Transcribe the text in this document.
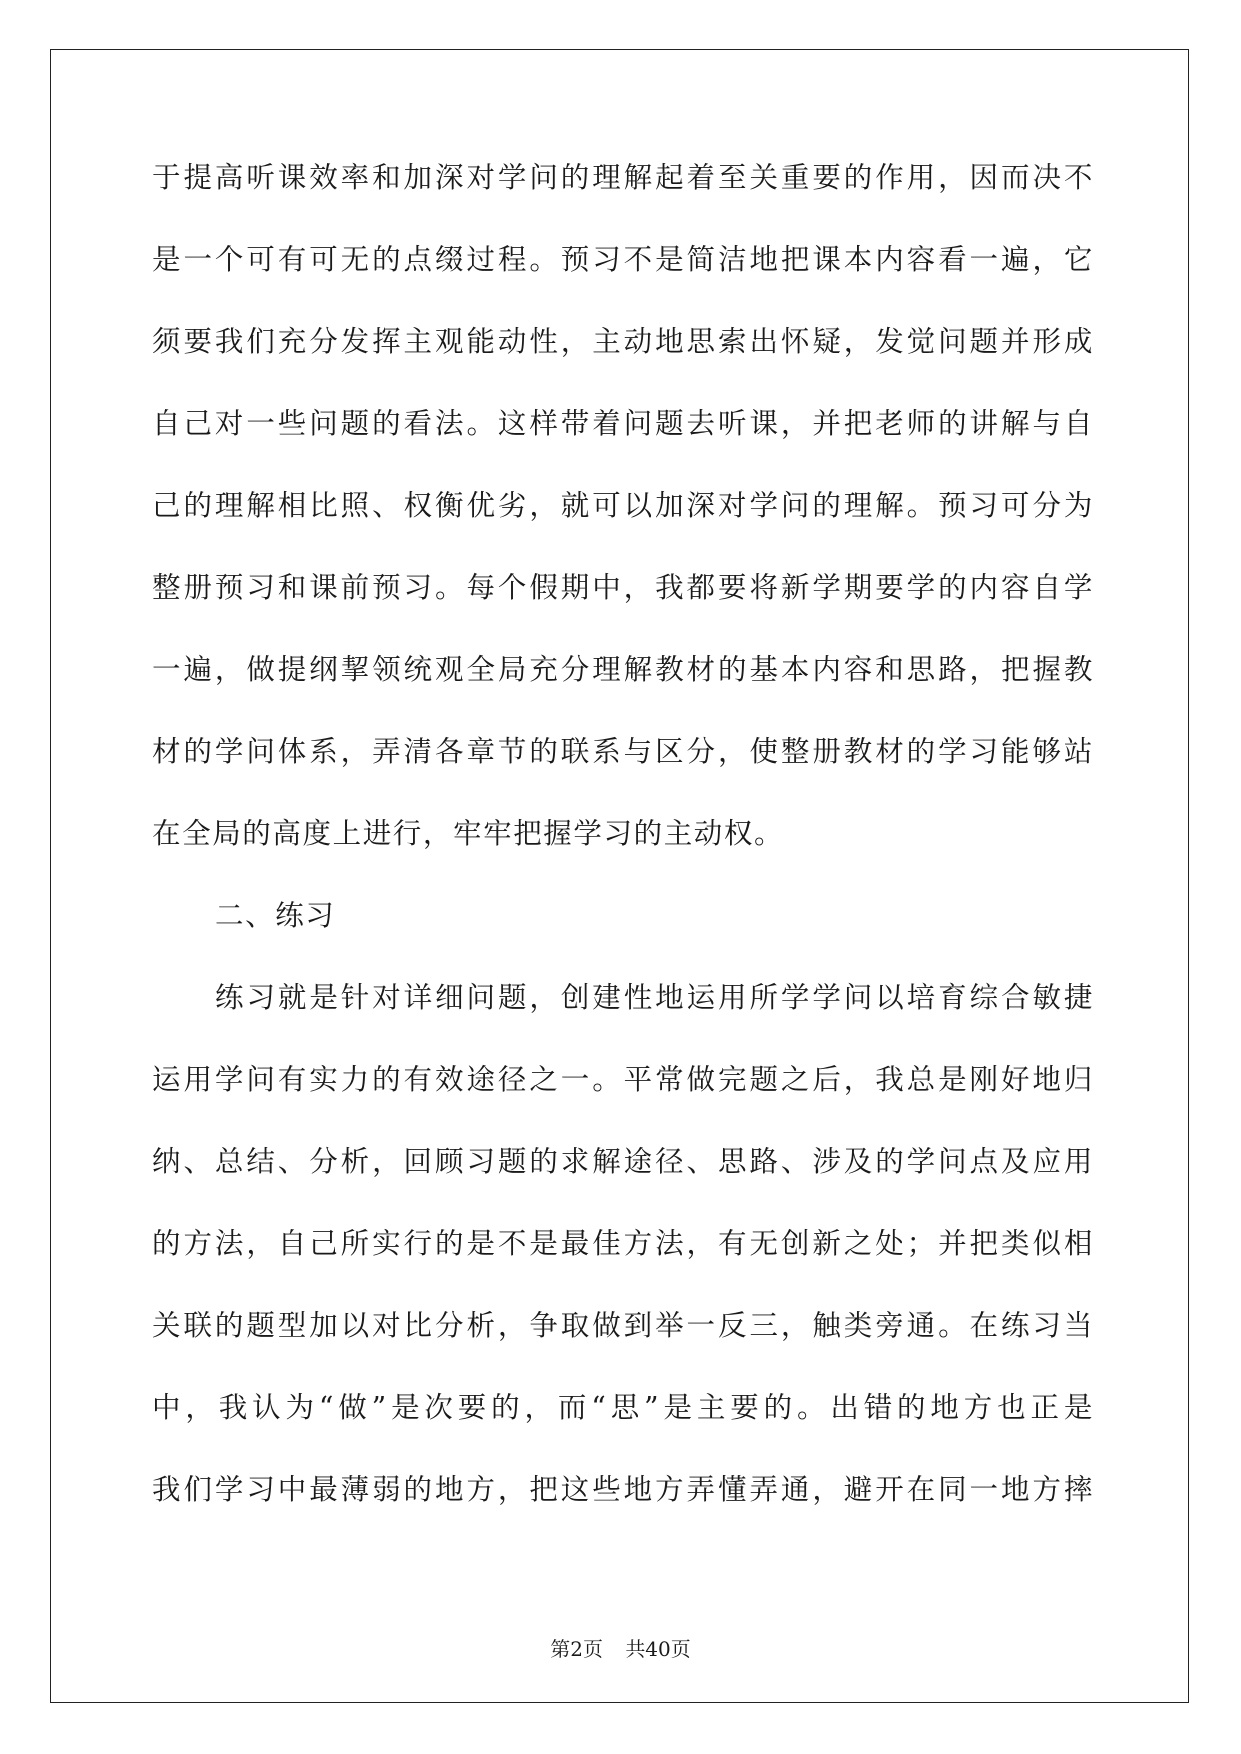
于提高听课效率和加深对学问的理解起着至关重要的作用，因而决不
是一个可有可无的点缀过程。预习不是简洁地把课本内容看一遍，它
须要我们充分发挥主观能动性，主动地思索出怀疑，发觉问题并形成
自己对一些问题的看法。这样带着问题去听课，并把老师的讲解与自
己的理解相比照、权衡优劣，就可以加深对学问的理解。预习可分为
整册预习和课前预习。每个假期中，我都要将新学期要学的内容自学
一遍，做提纲挈领统观全局充分理解教材的基本内容和思路，把握教
材的学问体系，弄清各章节的联系与区分，使整册教材的学习能够站
在全局的高度上进行，牢牢把握学习的主动权。
二、练习
练习就是针对详细问题，创建性地运用所学学问以培育综合敏捷
运用学问有实力的有效途径之一。平常做完题之后，我总是刚好地归
纳、总结、分析，回顾习题的求解途径、思路、涉及的学问点及应用
的方法，自己所实行的是不是最佳方法，有无创新之处；并把类似相
关联的题型加以对比分析，争取做到举一反三，触类旁通。在练习当
中，我认为“做”是次要的，而“思”是主要的。出错的地方也正是
我们学习中最薄弱的地方，把这些地方弄懂弄通，避开在同一地方摔
第2页 共40页
